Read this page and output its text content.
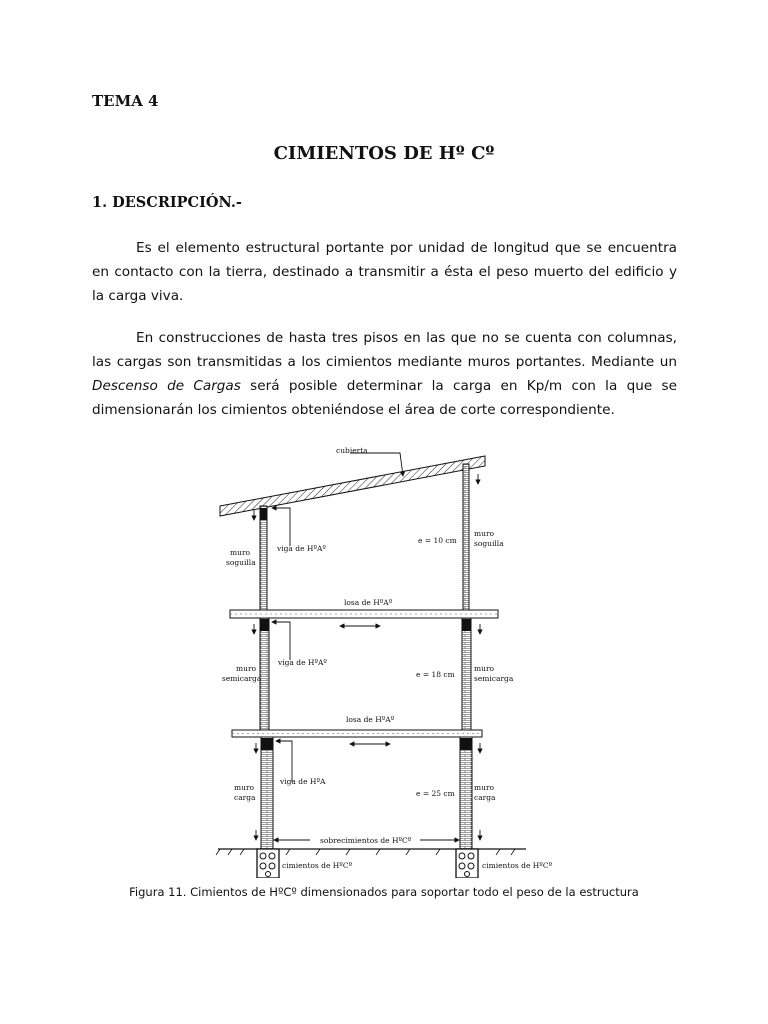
TEMA 4
CIMIENTOS DE Hº Cº
1. DESCRIPCIÓN.-
Es el elemento estructural portante por unidad de longitud que se encuentra en contacto con la tierra, destinado a transmitir a ésta el peso muerto del edificio y la carga viva.
En construcciones de hasta tres pisos en las que no se cuenta con columnas, las cargas son transmitidas a los cimientos mediante muros portantes. Mediante un Descenso de Cargas será posible determinar la carga en Kp/m con la que se dimensionarán los cimientos obteniéndose el área de corte correspondiente.
cubierta
viga de HºAº
e = 10 cm
muro
soguilla
muro
soguilla
losa de HºAº
viga de HºAº
e = 18 cm
muro
semicarga
muro
semicarga
losa de HºAº
viga de HºA
e = 25 cm
muro
carga
muro
carga
sobrecimientos de HºCº
cimientos de HºCº	cimientos de HºCº
Figura 11. Cimientos de HºCº dimensionados para soportar todo el peso de la estructura
